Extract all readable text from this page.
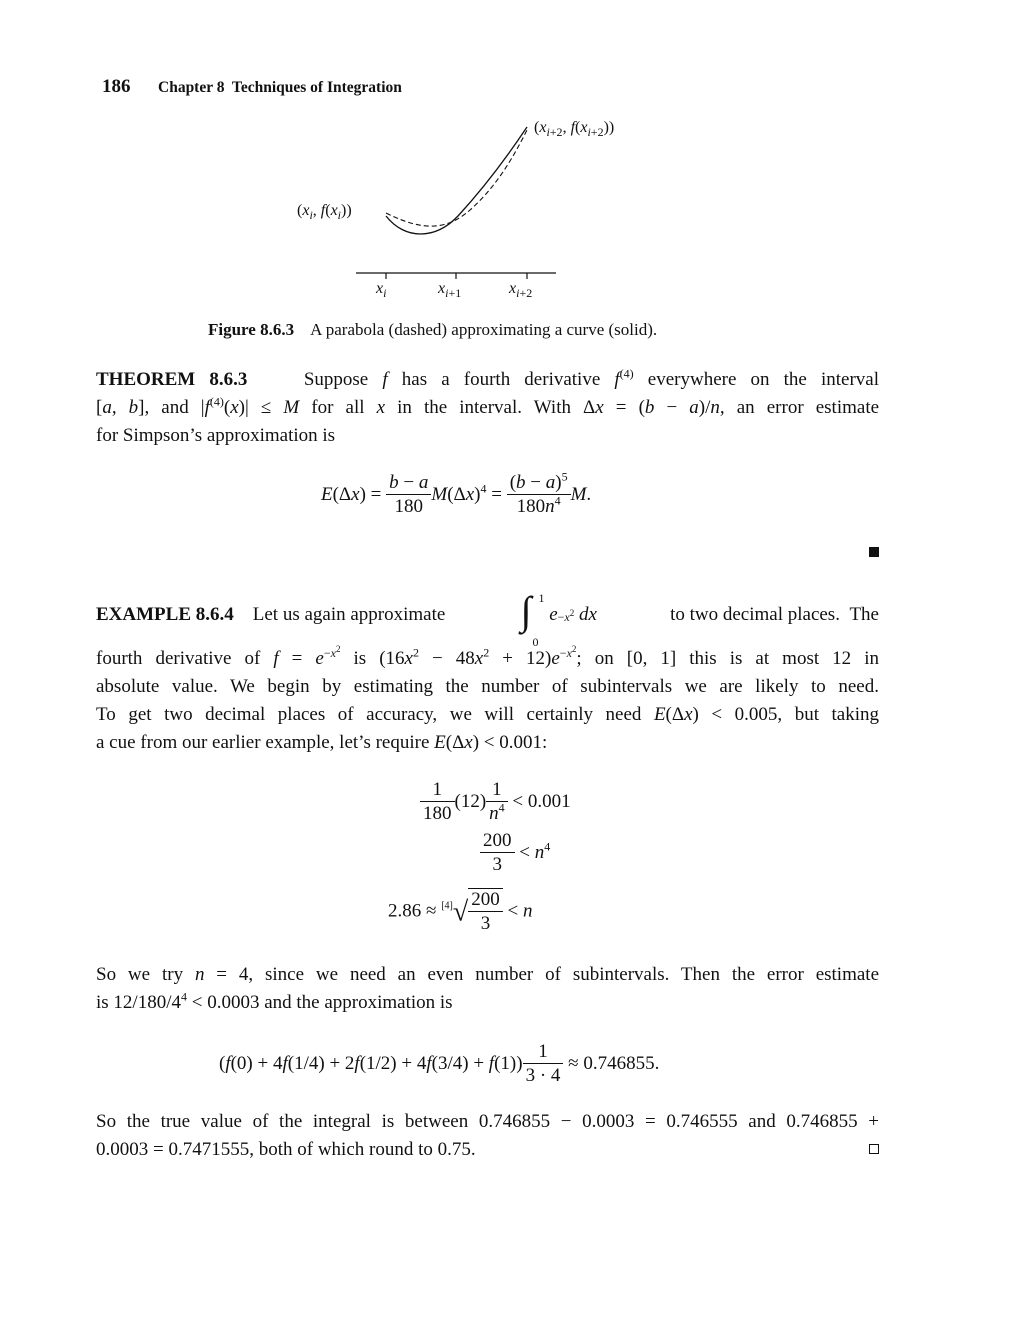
186 Chapter 8  Techniques of Integration
($x_i$, $f(x_i)$)
($x_{i+2}$, $f(x_{i+2})$)
$x_i$	$x_{i+1}$	$x_{i+2}$
Figure 8.6.3 A parabola (dashed) approximating a curve (solid).
THEOREM 8.6.3    Suppose f has a fourth derivative $f^{(4)}$ everywhere on the interval
[a, b], and $|f^{(4)}(x)| \le M$ for all x in the interval. With Δx = (b − a)/n, an error estimate
for Simpson’s approximation is
$E(\Delta x) = \frac{b - a}{180} M(\Delta x)^4 = \frac{(b - a)^5}{180n^4} M$.
EXAMPLE 8.6.4    Let us again approximate ∫ 1
0

$e -x^2$
dx	to two decimal places.  The
fourth derivative of $f = e^{-x^2}$ is $(16x^2 - 48x^2 + 12)e^{-x^2}$; on [0, 1] this is at most 12 in
absolute value. We begin by estimating the number of subintervals we are likely to need.
To get two decimal places of accuracy, we will certainly need E(Δx) < 0.005, but taking
a cue from our earlier example, let’s require E(Δx) < 0.001:
$\frac{1}{180} (12) \frac{1}{n^4} < 0.001$
$\frac{200}{3} < n^4$
$2.86 \approx [4]√ \frac{200}{3} < n$
So we try n = 4, since we need an even number of subintervals. Then the error estimate
is $12/180/4^4 < 0.0003$ and the approximation is
$(f(0) + 4f(1/4) + 2f(1/2) + 4f(3/4) + f(1)) \frac{1}{3 \cdot 4} \approx 0.746855$.
So the true value of the integral is between 0.746855 − 0.0003 = 0.746555 and 0.746855 +
0.0003 = 0.7471555, both of which round to 0.75.
